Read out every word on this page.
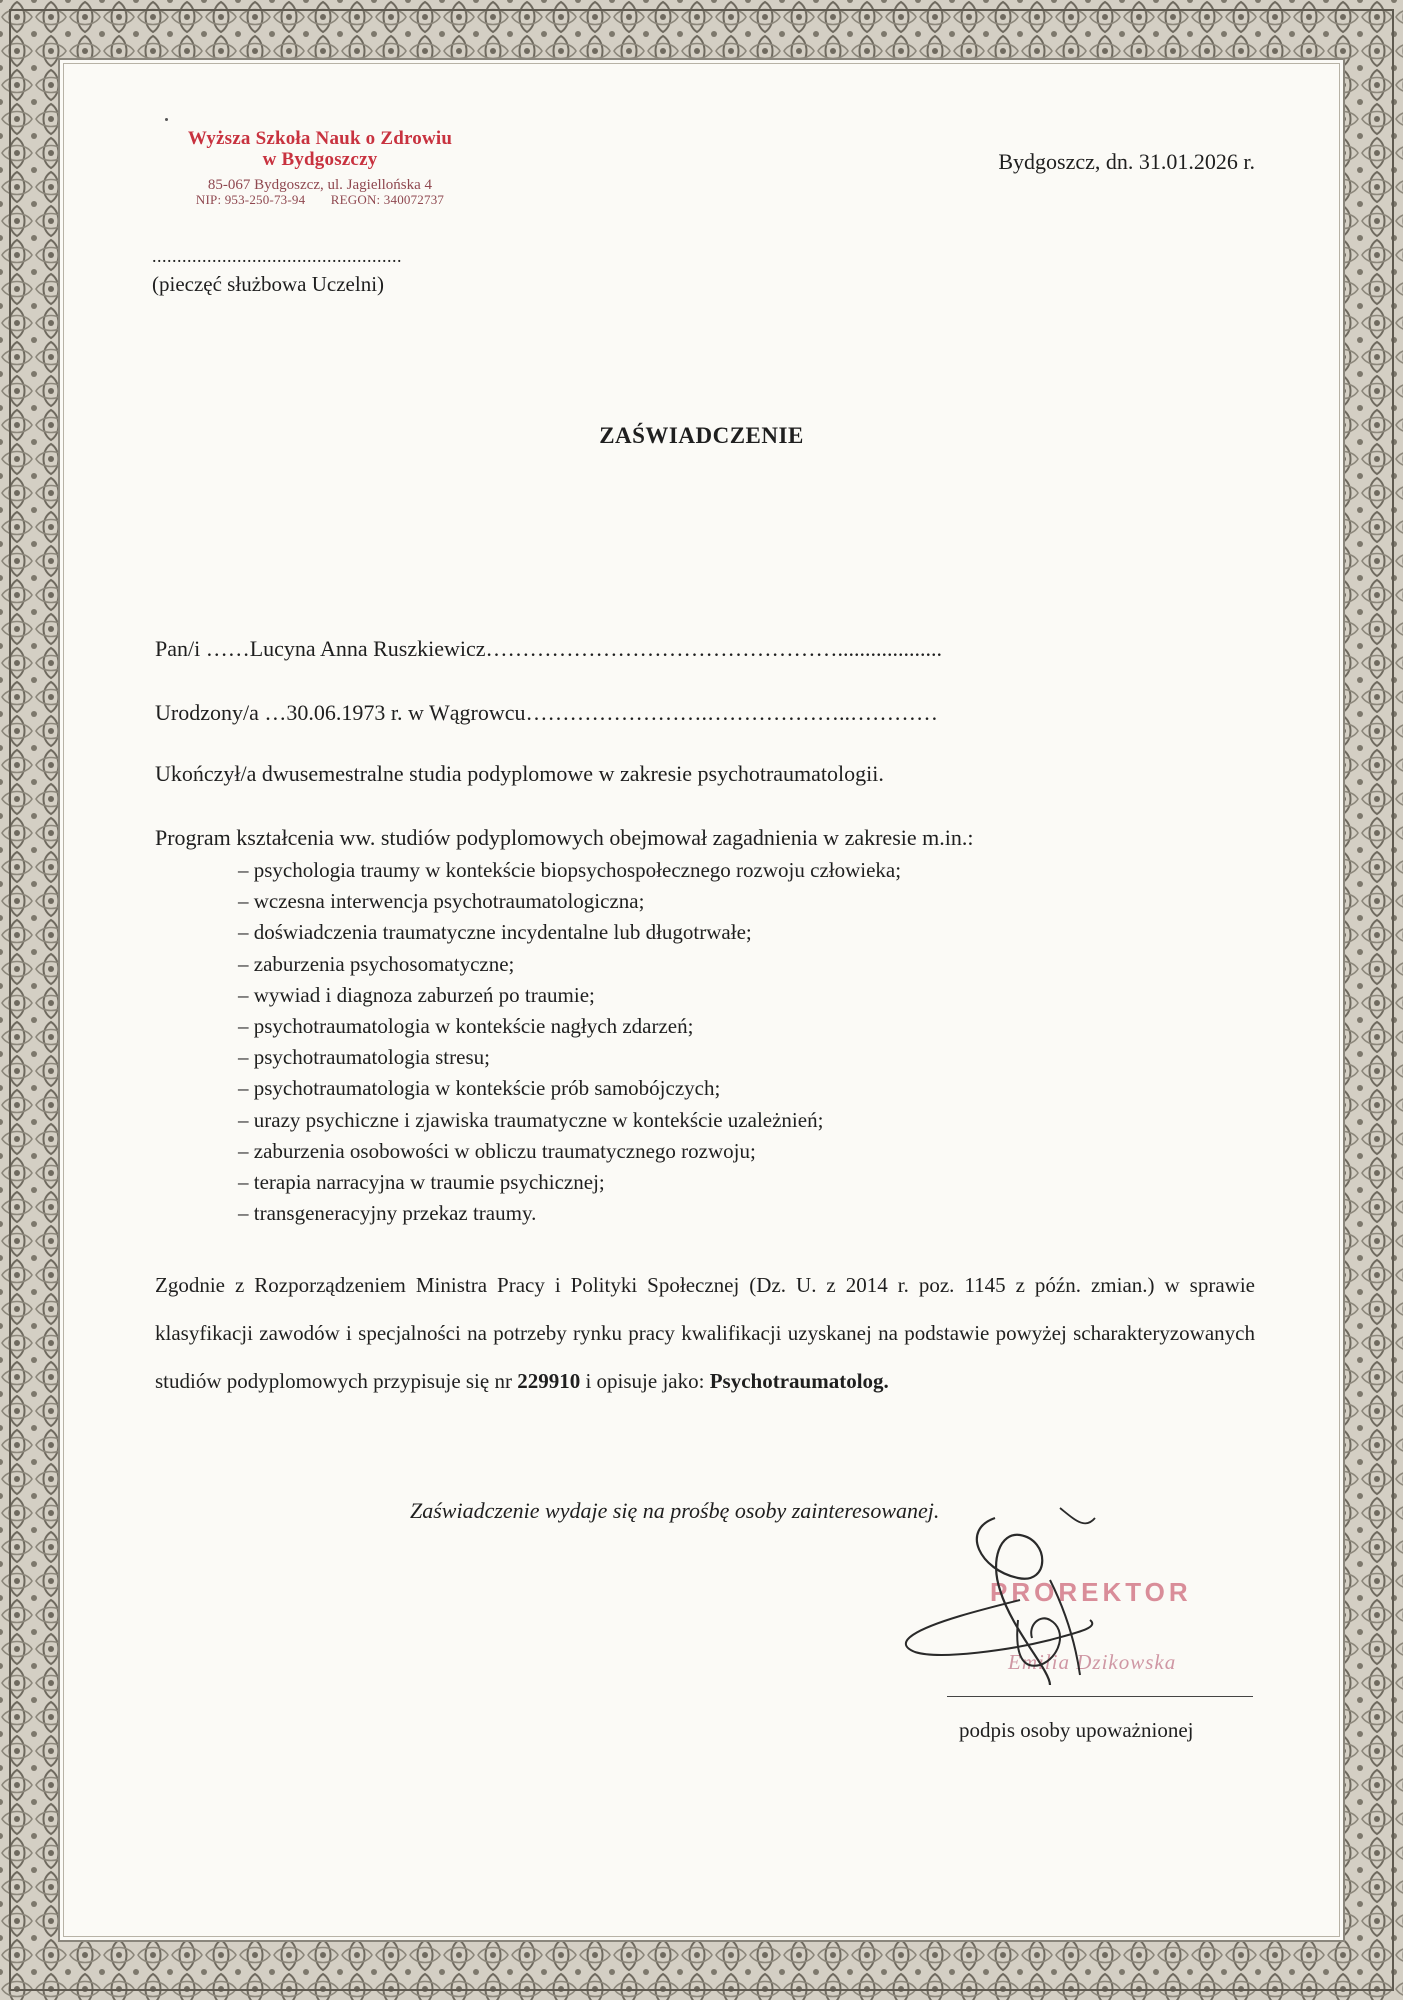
Wyższa Szkoła Nauk o Zdrowiu
w Bydgoszczy
85-067 Bydgoszcz, ul. Jagiellońska 4
NIP: 953-250-73-94 REGON: 340072737
Bydgoszcz, dn. 31.01.2026 r.
..................................................
(pieczęć służbowa Uczelni)
ZAŚWIADCZENIE
Pan/i ……Lucyna Anna Ruszkiewicz…………………………………………...................
Urodzony/a …30.06.1973 r. w Wągrowcu…………………….………………..…………
Ukończył/a dwusemestralne studia podyplomowe w zakresie psychotraumatologii.
Program kształcenia ww. studiów podyplomowych obejmował zagadnienia w zakresie m.in.:
– psychologia traumy w kontekście biopsychospołecznego rozwoju człowieka;
– wczesna interwencja psychotraumatologiczna;
– doświadczenia traumatyczne incydentalne lub długotrwałe;
– zaburzenia psychosomatyczne;
– wywiad i diagnoza zaburzeń po traumie;
– psychotraumatologia w kontekście nagłych zdarzeń;
– psychotraumatologia stresu;
– psychotraumatologia w kontekście prób samobójczych;
– urazy psychiczne i zjawiska traumatyczne w kontekście uzależnień;
– zaburzenia osobowości w obliczu traumatycznego rozwoju;
– terapia narracyjna w traumie psychicznej;
– transgeneracyjny przekaz traumy.
Zgodnie z Rozporządzeniem Ministra Pracy i Polityki Społecznej (Dz. U. z 2014 r. poz. 1145 z późn. zmian.) w sprawie klasyfikacji zawodów i specjalności na potrzeby rynku pracy kwalifikacji uzyskanej na podstawie powyżej scharakteryzowanych studiów podyplomowych przypisuje się nr 229910 i opisuje jako: Psychotraumatolog.
Zaświadczenie wydaje się na prośbę osoby zainteresowanej.
PROREKTOR
Emilia Dzikowska
podpis osoby upoważnionej
